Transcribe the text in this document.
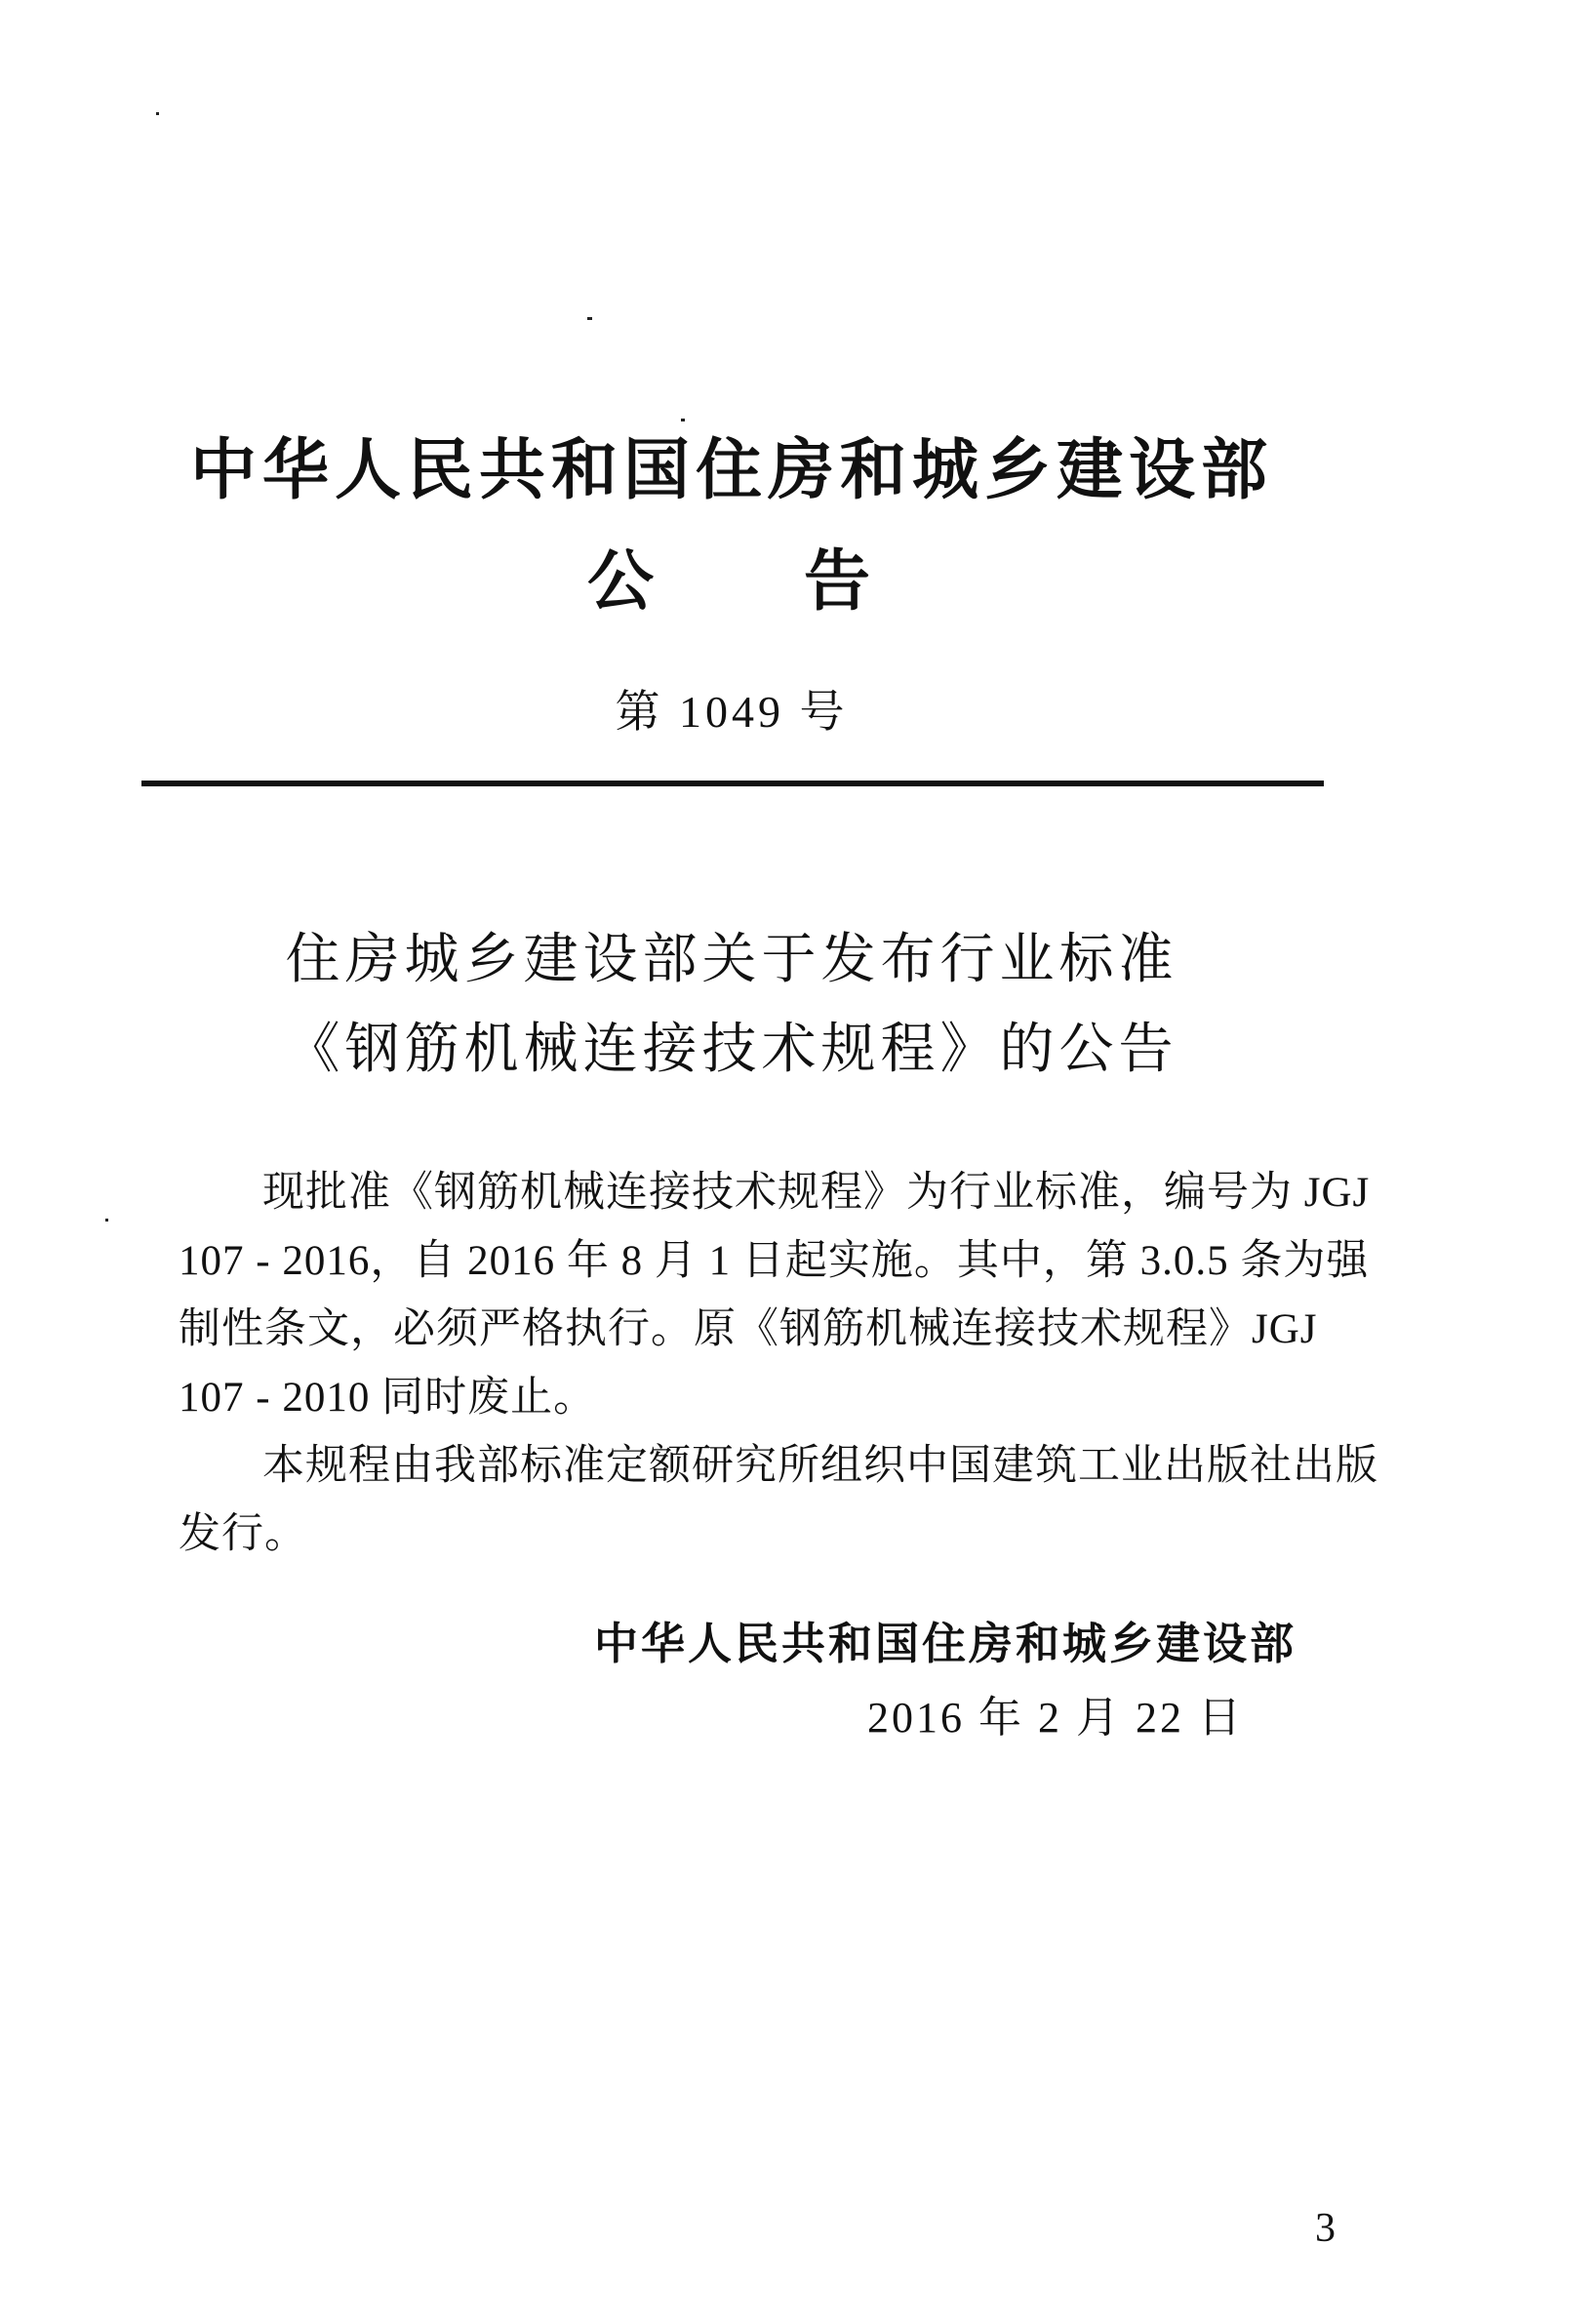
中华人民共和国住房和城乡建设部
公　　告
第 1049 号
住房城乡建设部关于发布行业标准
《钢筋机械连接技术规程》的公告
现批准《钢筋机械连接技术规程》为行业标准，编号为 JGJ
107 - 2016，自 2016 年 8 月 1 日起实施。其中，第 3.0.5 条为强
制性条文，必须严格执行。原《钢筋机械连接技术规程》JGJ
107 - 2010 同时废止。
本规程由我部标准定额研究所组织中国建筑工业出版社出版
发行。
中华人民共和国住房和城乡建设部
2016 年 2 月 22 日
3
